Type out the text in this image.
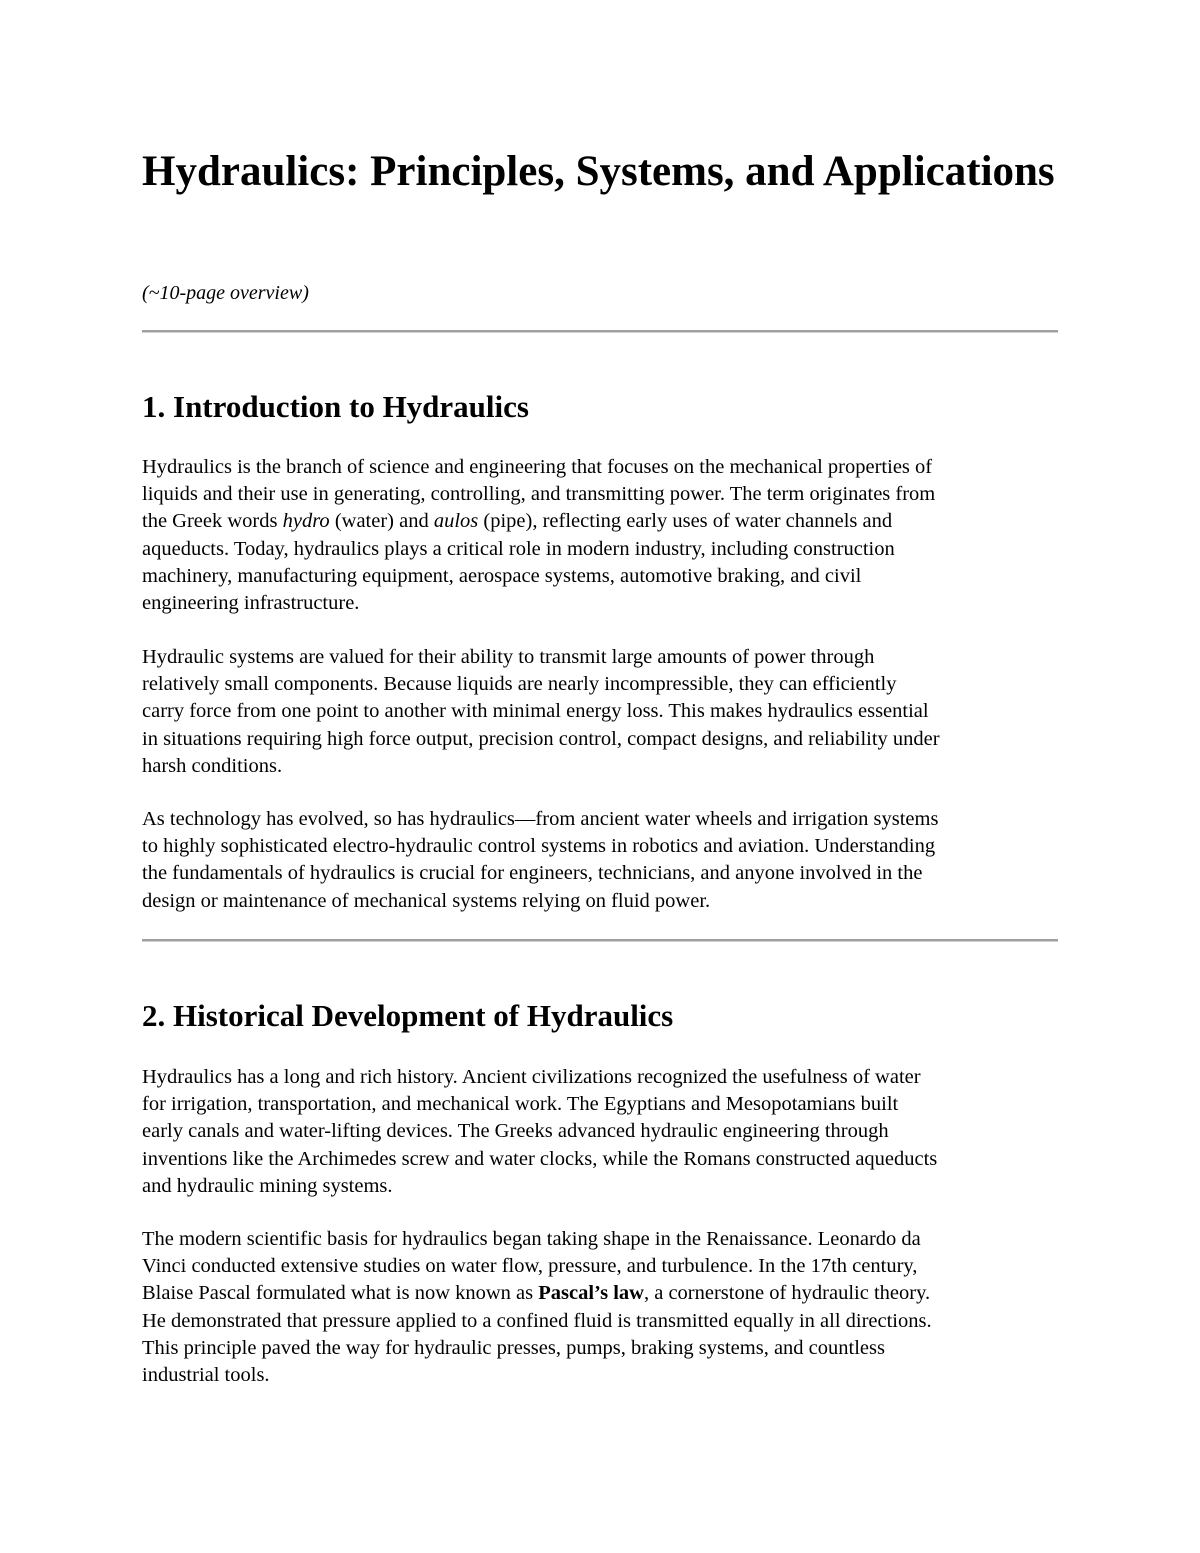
Hydraulics: Principles, Systems, and Applications

(~10-page overview)

1. Introduction to Hydraulics
Hydraulics is the branch of science and engineering that focuses on the mechanical properties of
liquids and their use in generating, controlling, and transmitting power. The term originates from
the Greek words hydro (water) and aulos (pipe), reflecting early uses of water channels and
aqueducts. Today, hydraulics plays a critical role in modern industry, including construction
machinery, manufacturing equipment, aerospace systems, automotive braking, and civil
engineering infrastructure.
Hydraulic systems are valued for their ability to transmit large amounts of power through
relatively small components. Because liquids are nearly incompressible, they can efficiently
carry force from one point to another with minimal energy loss. This makes hydraulics essential
in situations requiring high force output, precision control, compact designs, and reliability under
harsh conditions.
As technology has evolved, so has hydraulics—from ancient water wheels and irrigation systems
to highly sophisticated electro-hydraulic control systems in robotics and aviation. Understanding
the fundamentals of hydraulics is crucial for engineers, technicians, and anyone involved in the
design or maintenance of mechanical systems relying on fluid power.
2. Historical Development of Hydraulics
Hydraulics has a long and rich history. Ancient civilizations recognized the usefulness of water
for irrigation, transportation, and mechanical work. The Egyptians and Mesopotamians built
early canals and water-lifting devices. The Greeks advanced hydraulic engineering through
inventions like the Archimedes screw and water clocks, while the Romans constructed aqueducts
and hydraulic mining systems.
The modern scientific basis for hydraulics began taking shape in the Renaissance. Leonardo da
Vinci conducted extensive studies on water flow, pressure, and turbulence. In the 17th century,
Blaise Pascal formulated what is now known as Pascal’s law, a cornerstone of hydraulic theory.
He demonstrated that pressure applied to a confined fluid is transmitted equally in all directions.
This principle paved the way for hydraulic presses, pumps, braking systems, and countless
industrial tools.
